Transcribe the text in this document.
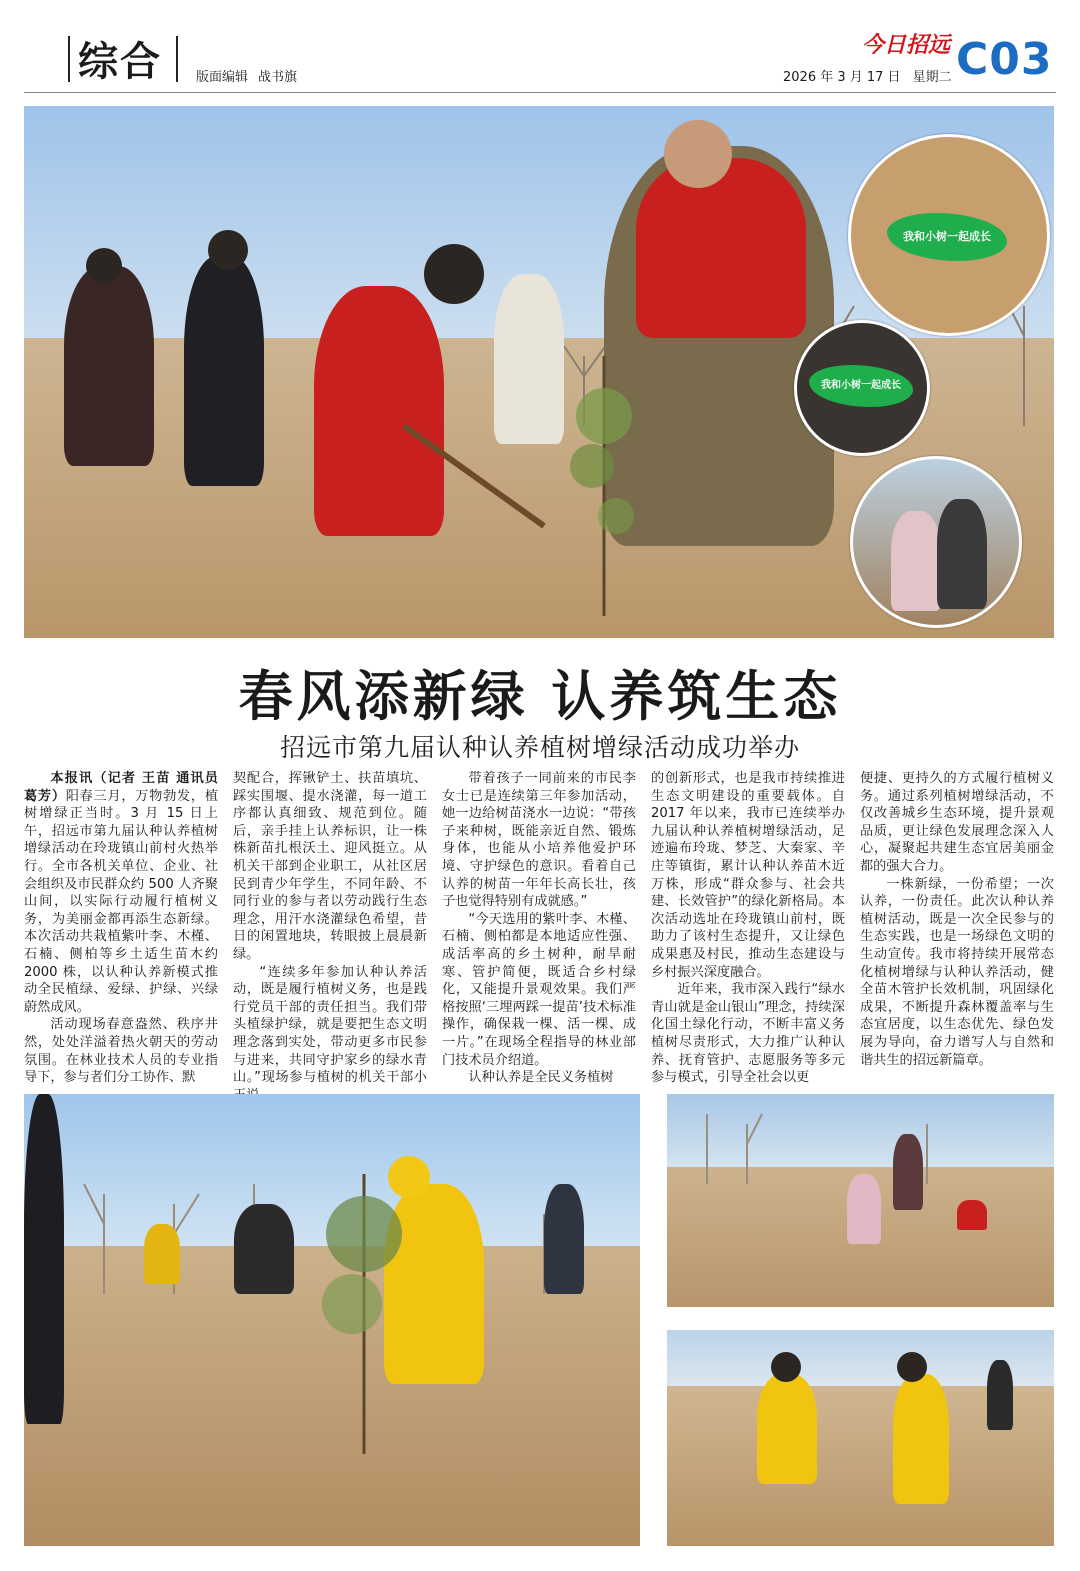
综合	版面编辑 战书旗
今日招远 C03
2026 年 3 月 17 日 星期二
我和小树一起成长
我和小树一起成长
春风添新绿 认养筑生态
招远市第九届认种认养植树增绿活动成功举办

本报讯（记者 王苗 通讯员 葛芳）阳春三月，万物勃发，植树增绿正当时。3 月 15 日上午，招远市第九届认种认养植树增绿活动在玲珑镇山前村火热举行。全市各机关单位、企业、社会组织及市民群众约 500 人齐聚山间，以实际行动履行植树义务，为美丽金都再添生态新绿。本次活动共栽植紫叶李、木槿、石楠、侧柏等乡土适生苗木约 2000 株，以认种认养新模式推动全民植绿、爱绿、护绿、兴绿蔚然成风。

活动现场春意盎然、秩序井然，处处洋溢着热火朝天的劳动氛围。在林业技术人员的专业指导下，参与者们分工协作、默

契配合，挥锹铲土、扶苗填坑、踩实围堰、提水浇灌，每一道工序都认真细致、规范到位。随后，亲手挂上认养标识，让一株株新苗扎根沃土、迎风挺立。从机关干部到企业职工，从社区居民到青少年学生，不同年龄、不同行业的参与者以劳动践行生态理念，用汗水浇灌绿色希望，昔日的闲置地块，转眼披上晨晨新绿。

“连续多年参加认种认养活动，既是履行植树义务，也是践行党员干部的责任担当。我们带头植绿护绿，就是要把生态文明理念落到实处，带动更多市民参与进来，共同守护家乡的绿水青山。”现场参与植树的机关干部小

带着孩子一同前来的市民李女士已是连续第三年参加活动，她一边给树苗浇水一边说：“带孩子来种树，既能亲近自然、锻炼身体，也能从小培养他爱护环境、守护绿色的意识。看着自己认养的树苗一年年长高长壮，孩子也觉得特别有成就感。”

“今天选用的紫叶李、木槿、石楠、侧柏都是本地适应性强、成活率高的乡土树种，耐旱耐寒、管护简便，既适合乡村绿化，又能提升景观效果。我们严格按照‘三埋两踩一提苗’技术标准操作，确保栽一棵、活一棵、成一片。”在现场全程指导的林业部门技术员介绍道。

认种认养是全民义务植树

的创新形式，也是我市持续推进生态文明建设的重要载体。自 2017 年以来，我市已连续举办九届认种认养植树增绿活动，足迹遍布玲珑、梦芝、大秦家、辛庄等镇街，累计认种认养苗木近万株，形成“群众参与、社会共建、长效管护”的绿化新格局。本次活动选址在玲珑镇山前村，既助力了该村生态提升，又让绿色成果惠及村民，推动生态建设与乡村振兴深度融合。

近年来，我市深入践行“绿水青山就是金山银山”理念，持续深化国土绿化行动，不断丰富义务植树尽责形式，大力推广认种认养、抚育管护、志愿服务等多元参与模式，引导全社会以更

便捷、更持久的方式履行植树义务。通过系列植树增绿活动，不仅改善城乡生态环境，提升景观品质，更让绿色发展理念深入人心，凝聚起共建生态宜居美丽金都的强大合力。

一株新绿，一份希望；一次认养，一份责任。此次认种认养植树活动，既是一次全民参与的生态实践，也是一场绿色文明的生动宣传。我市将持续开展常态化植树增绿与认种认养活动，健全苗木管护长效机制，巩固绿化成果，不断提升森林覆盖率与生态宜居度，以生态优先、绿色发展为导向，奋力谱写人与自然和谐共生的招远新篇章。
